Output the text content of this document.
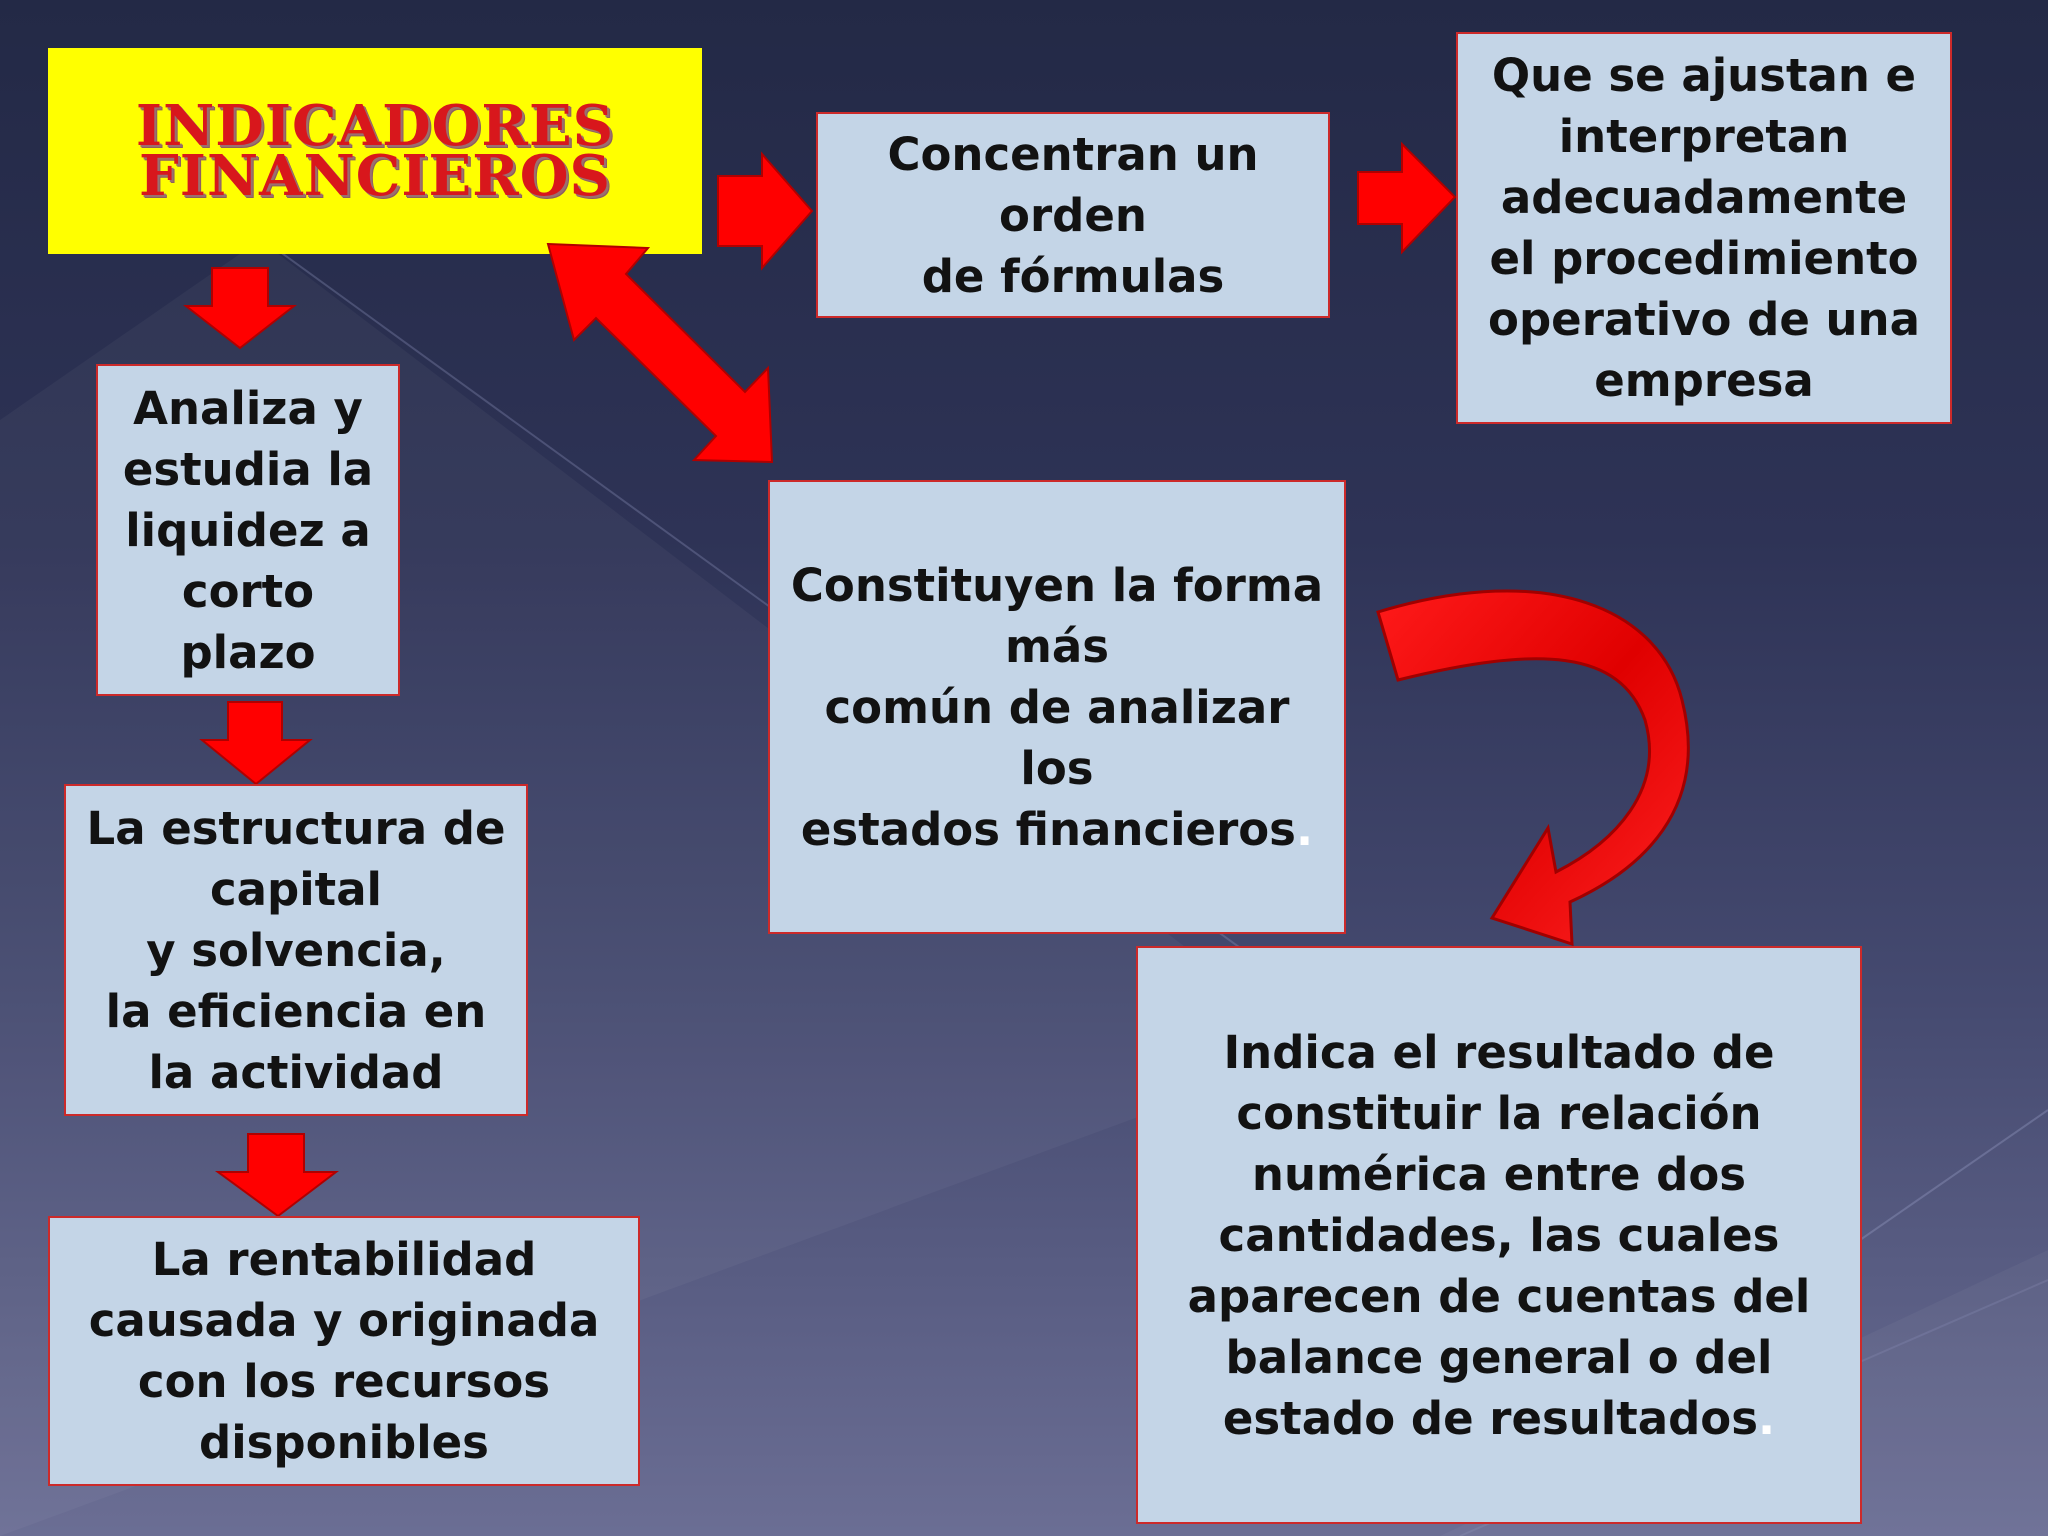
INDICADORES
FINANCIEROS	Concentran un
orden
de fórmulas
Que se ajustan e
interpretan
adecuadamente
el procedimiento
operativo de una
empresa
Analiza y
estudia la
liquidez a
corto
plazo
La estructura de
capital
y solvencia,
la eficiencia en
la actividad
La rentabilidad
causada y originada
con los recursos
disponibles
Constituyen la forma
más
común de analizar
los
estados financieros.
Indica el resultado de
constituir la relación
numérica entre dos
cantidades, las cuales
aparecen de cuentas del
balance general o del
estado de resultados.
